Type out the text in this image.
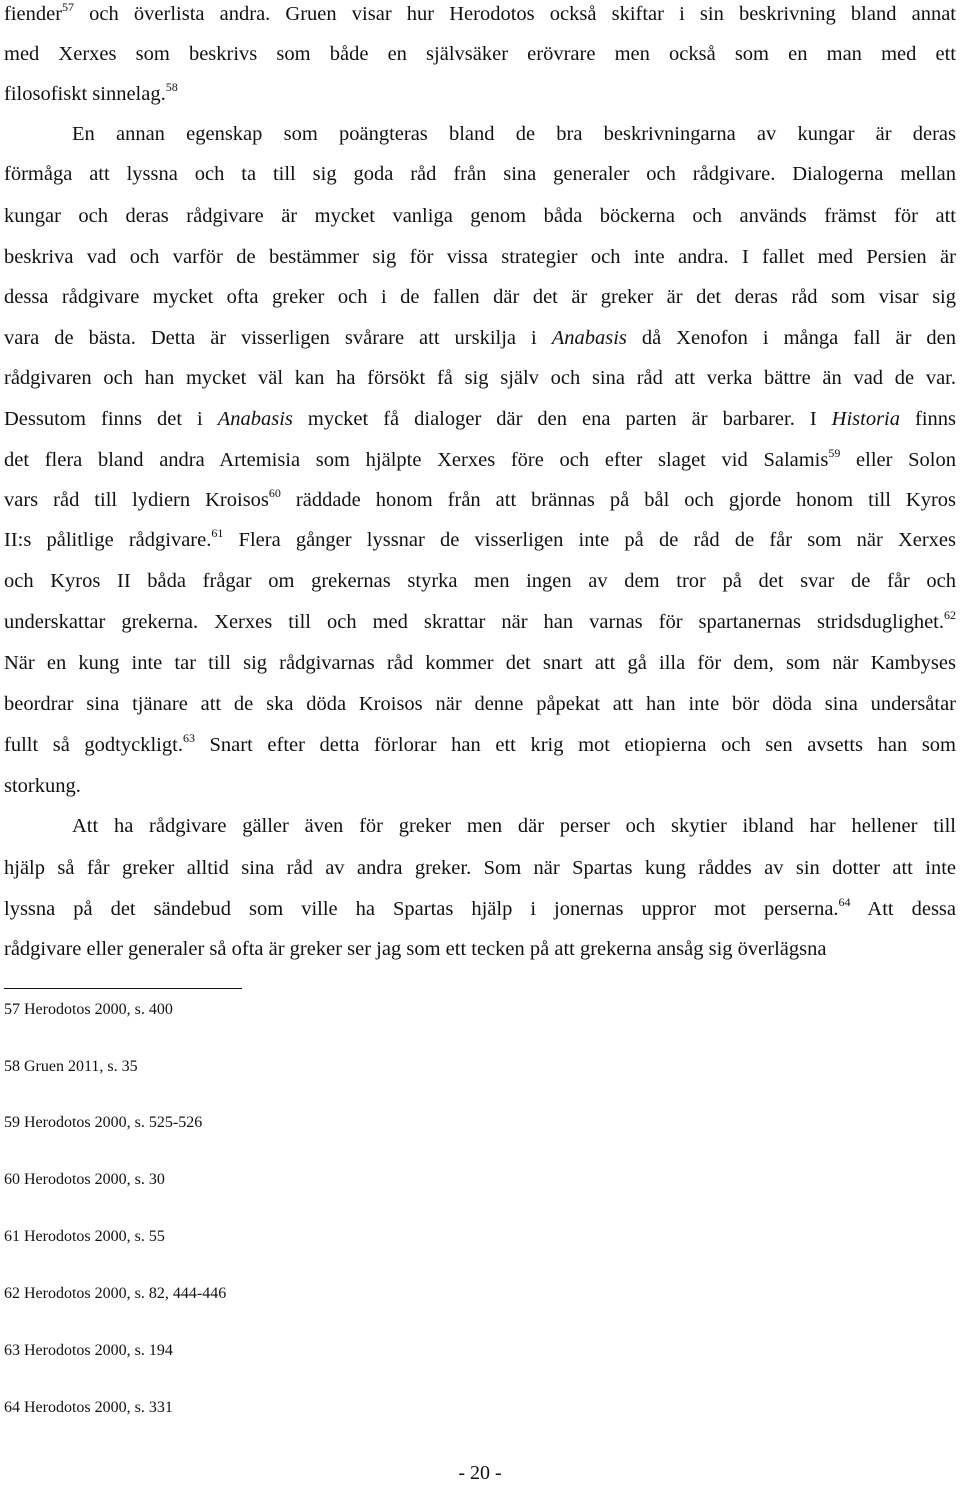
fiender$^{57}$ och överlista andra. Gruen visar hur Herodotos också skiftar i sin beskrivning bland annat
med Xerxes som beskrivs som både en självsäker erövrare men också som en man med ett
filosofiskt sinnelag.$^{58}$
En annan egenskap som poängteras bland de bra beskrivningarna av kungar är deras
förmåga att lyssna och ta till sig goda råd från sina generaler och rådgivare. Dialogerna mellan
kungar och deras rådgivare är mycket vanliga genom båda böckerna och används främst för att
beskriva vad och varför de bestämmer sig för vissa strategier och inte andra. I fallet med Persien är
dessa rådgivare mycket ofta greker och i de fallen där det är greker är det deras råd som visar sig
vara de bästa. Detta är visserligen svårare att urskilja i Anabasis då Xenofon i många fall är den
rådgivaren och han mycket väl kan ha försökt få sig själv och sina råd att verka bättre än vad de var.
Dessutom finns det i Anabasis mycket få dialoger där den ena parten är barbarer. I Historia finns
det flera bland andra Artemisia som hjälpte Xerxes före och efter slaget vid Salamis$^{59}$ eller Solon
vars råd till lydiern Kroisos$^{60}$ räddade honom från att brännas på bål och gjorde honom till Kyros
II:s pålitlige rådgivare.$^{61}$ Flera gånger lyssnar de visserligen inte på de råd de får som när Xerxes
och Kyros II båda frågar om grekernas styrka men ingen av dem tror på det svar de får och
underskattar grekerna. Xerxes till och med skrattar när han varnas för spartanernas stridsduglighet.$^{62}$
När en kung inte tar till sig rådgivarnas råd kommer det snart att gå illa för dem, som när Kambyses
beordrar sina tjänare att de ska döda Kroisos när denne påpekat att han inte bör döda sina undersåtar
fullt så godtyckligt.$^{63}$ Snart efter detta förlorar han ett krig mot etiopierna och sen avsetts han som
storkung.
Att ha rådgivare gäller även för greker men där perser och skytier ibland har hellener till
hjälp så får greker alltid sina råd av andra greker. Som när Spartas kung råddes av sin dotter att inte
lyssna på det sändebud som ville ha Spartas hjälp i jonernas uppror mot perserna.$^{64}$ Att dessa
rådgivare eller generaler så ofta är greker ser jag som ett tecken på att grekerna ansåg sig överlägsna
57 Herodotos 2000, s. 400
58 Gruen 2011, s. 35
59 Herodotos 2000, s. 525-526
60 Herodotos 2000, s. 30
61 Herodotos 2000, s. 55
62 Herodotos 2000, s. 82, 444-446
63 Herodotos 2000, s. 194
64 Herodotos 2000, s. 331
- 20 -
